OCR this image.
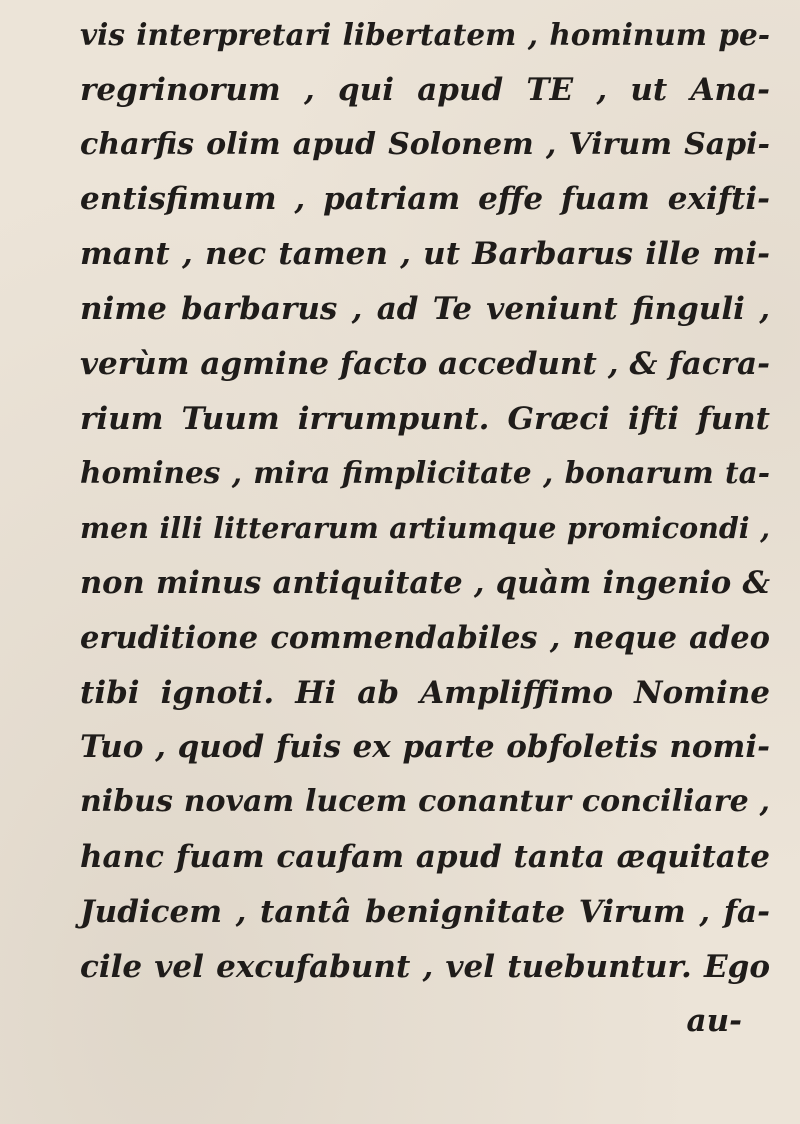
vis interpretari libertatem , hominum pe-
regrinorum , qui apud TE , ut Ana-
charfis olim apud Solonem , Virum Sapi-
entisfimum , patriam effe fuam exifti-
mant , nec tamen , ut Barbarus ille mi-
nime barbarus , ad Te veniunt finguli ,
verùm agmine facto accedunt , & facra-
rium Tuum irrumpunt. Græci ifti funt
homines , mira fimplicitate , bonarum ta-
men illi litterarum artiumque promicondi ,
non minus antiquitate , quàm ingenio &
eruditione commendabiles , neque adeo
tibi ignoti. Hi ab Ampliffimo Nomine
Tuo , quod fuis ex parte obfoletis nomi-
nibus novam lucem conantur conciliare ,
hanc fuam caufam apud tanta æquitate
Judicem , tantâ benignitate Virum , fa-
cile vel excufabunt , vel tuebuntur. Ego
au-
